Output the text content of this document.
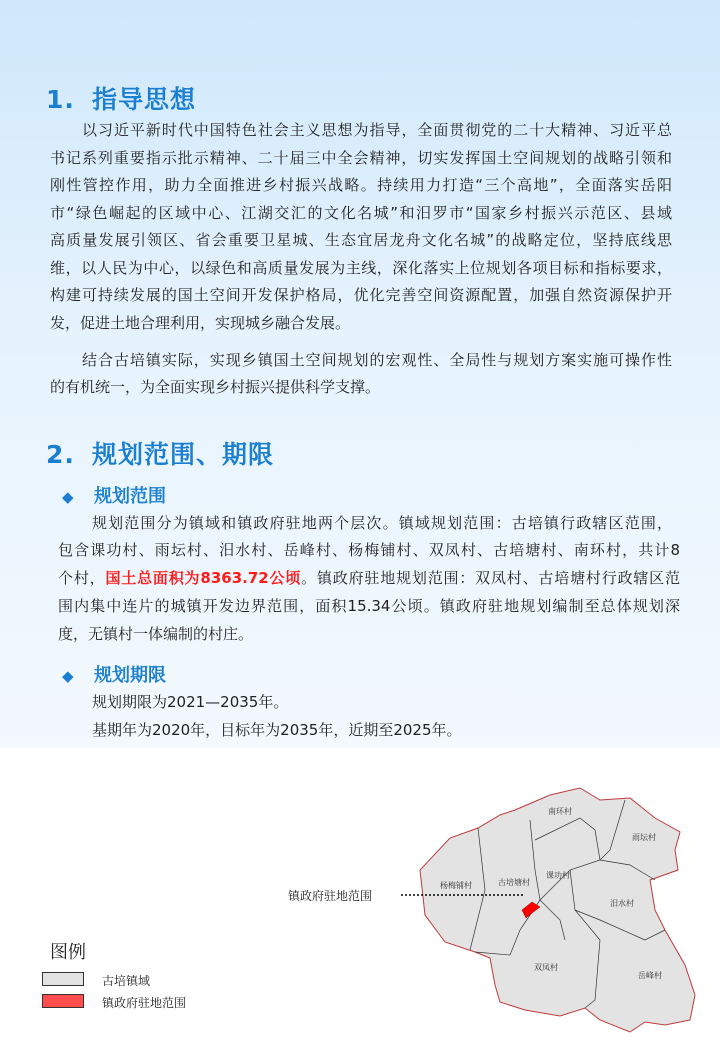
1. 指导思想
以习近平新时代中国特色社会主义思想为指导，全面贯彻党的二十大精神、习近平总
书记系列重要指示批示精神、二十届三中全会精神，切实发挥国土空间规划的战略引领和
刚性管控作用，助力全面推进乡村振兴战略。持续用力打造“三个高地”，全面落实岳阳
市“绿色崛起的区域中心、江湖交汇的文化名城”和汨罗市“国家乡村振兴示范区、县域
高质量发展引领区、省会重要卫星城、生态宜居龙舟文化名城”的战略定位，坚持底线思
维，以人民为中心，以绿色和高质量发展为主线，深化落实上位规划各项目标和指标要求，
构建可持续发展的国土空间开发保护格局，优化完善空间资源配置，加强自然资源保护开
发，促进土地合理利用，实现城乡融合发展。
结合古培镇实际，实现乡镇国土空间规划的宏观性、全局性与规划方案实施可操作性
的有机统一，为全面实现乡村振兴提供科学支撑。
2. 规划范围、期限
◆ 规划范围
规划范围分为镇域和镇政府驻地两个层次。镇域规划范围：古培镇行政辖区范围，
包含课功村、雨坛村、汨水村、岳峰村、杨梅铺村、双凤村、古培塘村、南环村，共计8
个村，国土总面积为8363.72公顷。镇政府驻地规划范围：双凤村、古培塘村行政辖区范
围内集中连片的城镇开发边界范围，面积15.34公顷。镇政府驻地规划编制至总体规划深
度，无镇村一体编制的村庄。
◆ 规划期限
规划期限为2021—2035年。
基期年为2020年，目标年为2035年，近期至2025年。
镇政府驻地范围
南环村
雨坛村
杨梅铺村	古培塘村
课功村
汨水村
双凤村
岳峰村
图例
古培镇域
镇政府驻地范围
